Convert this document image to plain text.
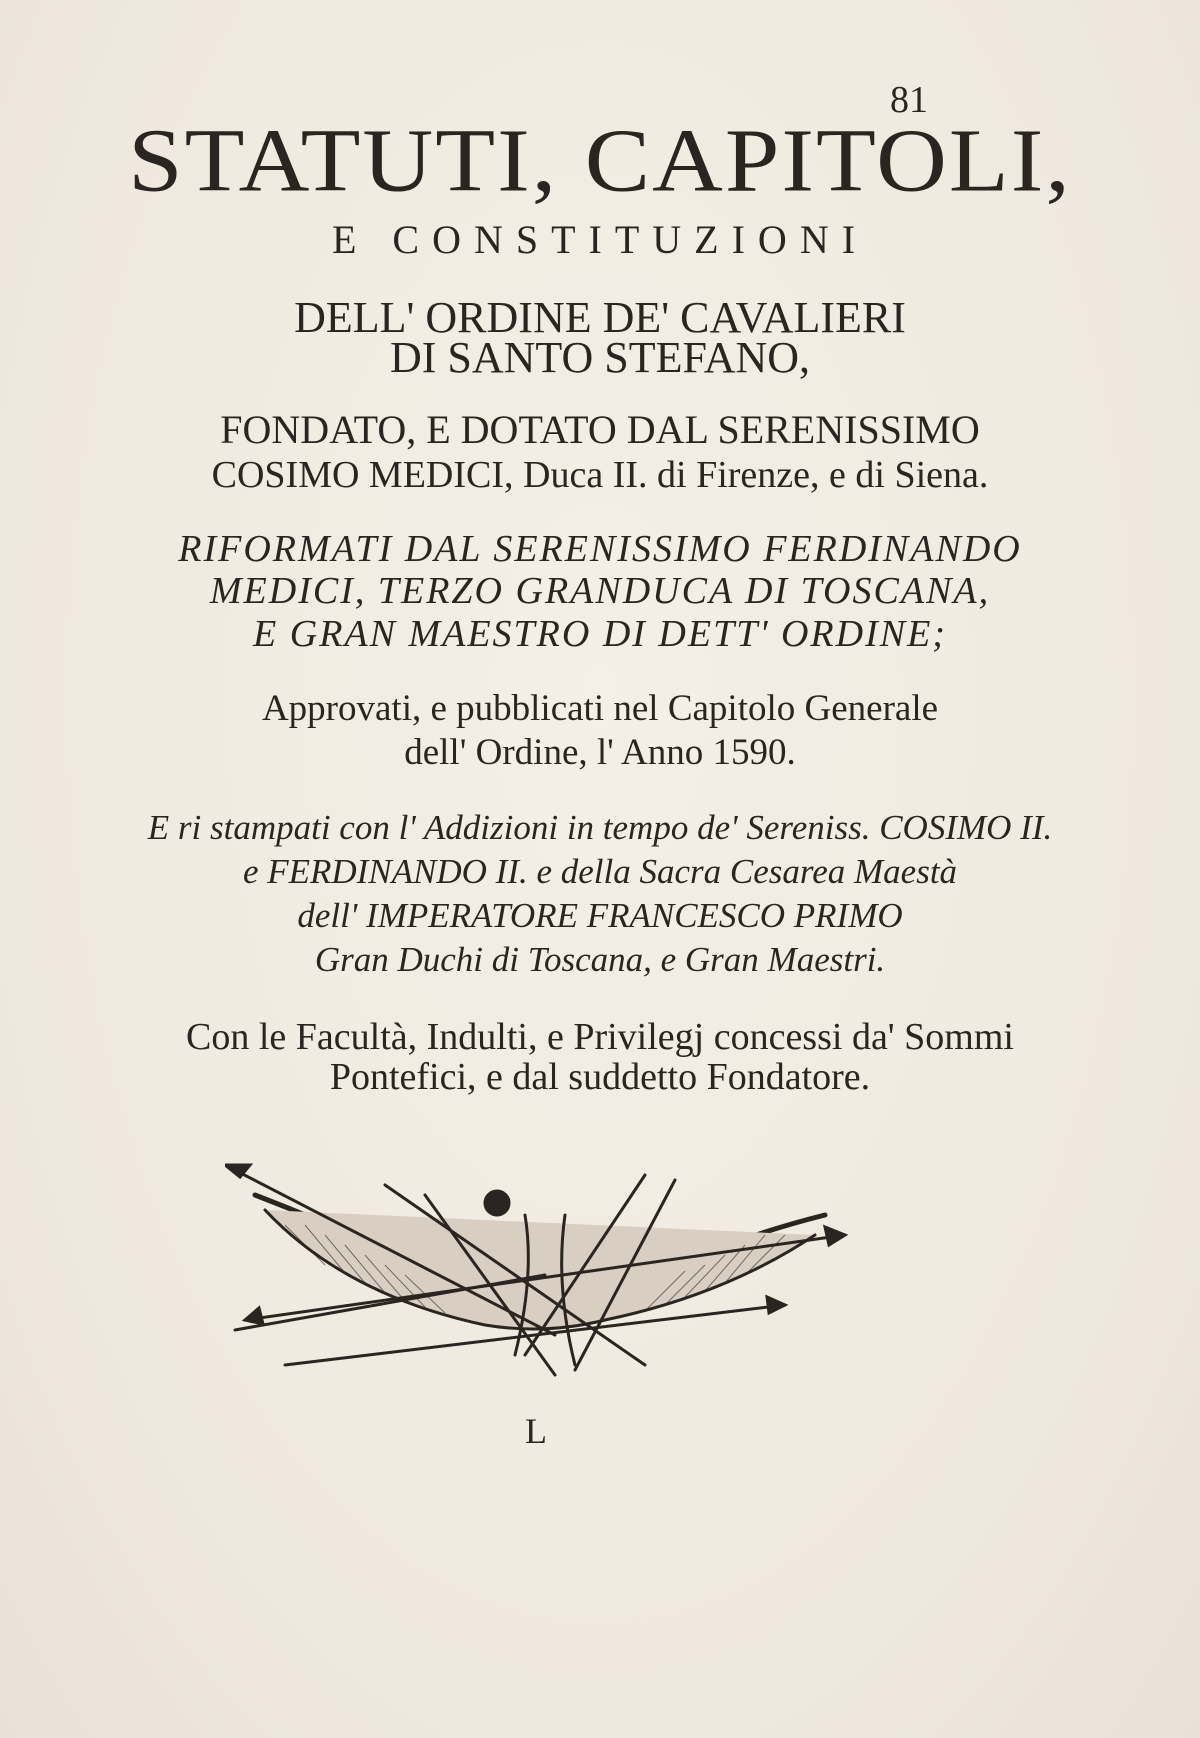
81
STATUTI, CAPITOLI,
E CONSTITUZIONI
DELL' ORDINE DE' CAVALIERI
DI SANTO STEFANO,
FONDATO, E DOTATO DAL SERENISSIMO
COSIMO MEDICI, Duca II. di Firenze, e di Siena.
RIFORMATI DAL SERENISSIMO FERDINANDO
MEDICI, TERZO GRANDUCA DI TOSCANA,
E GRAN MAESTRO DI DETT' ORDINE;
Approvati, e pubblicati nel Capitolo Generale
dell' Ordine, l' Anno 1590.
E ri stampati con l' Addizioni in tempo de' Sereniss. COSIMO II.
e FERDINANDO II. e della Sacra Cesarea Maestà
dell' IMPERATORE FRANCESCO PRIMO
Gran Duchi di Toscana, e Gran Maestri.
Con le Facultà, Indulti, e Privilegj concessi da' Sommi
Pontefici, e dal suddetto Fondatore.
L
